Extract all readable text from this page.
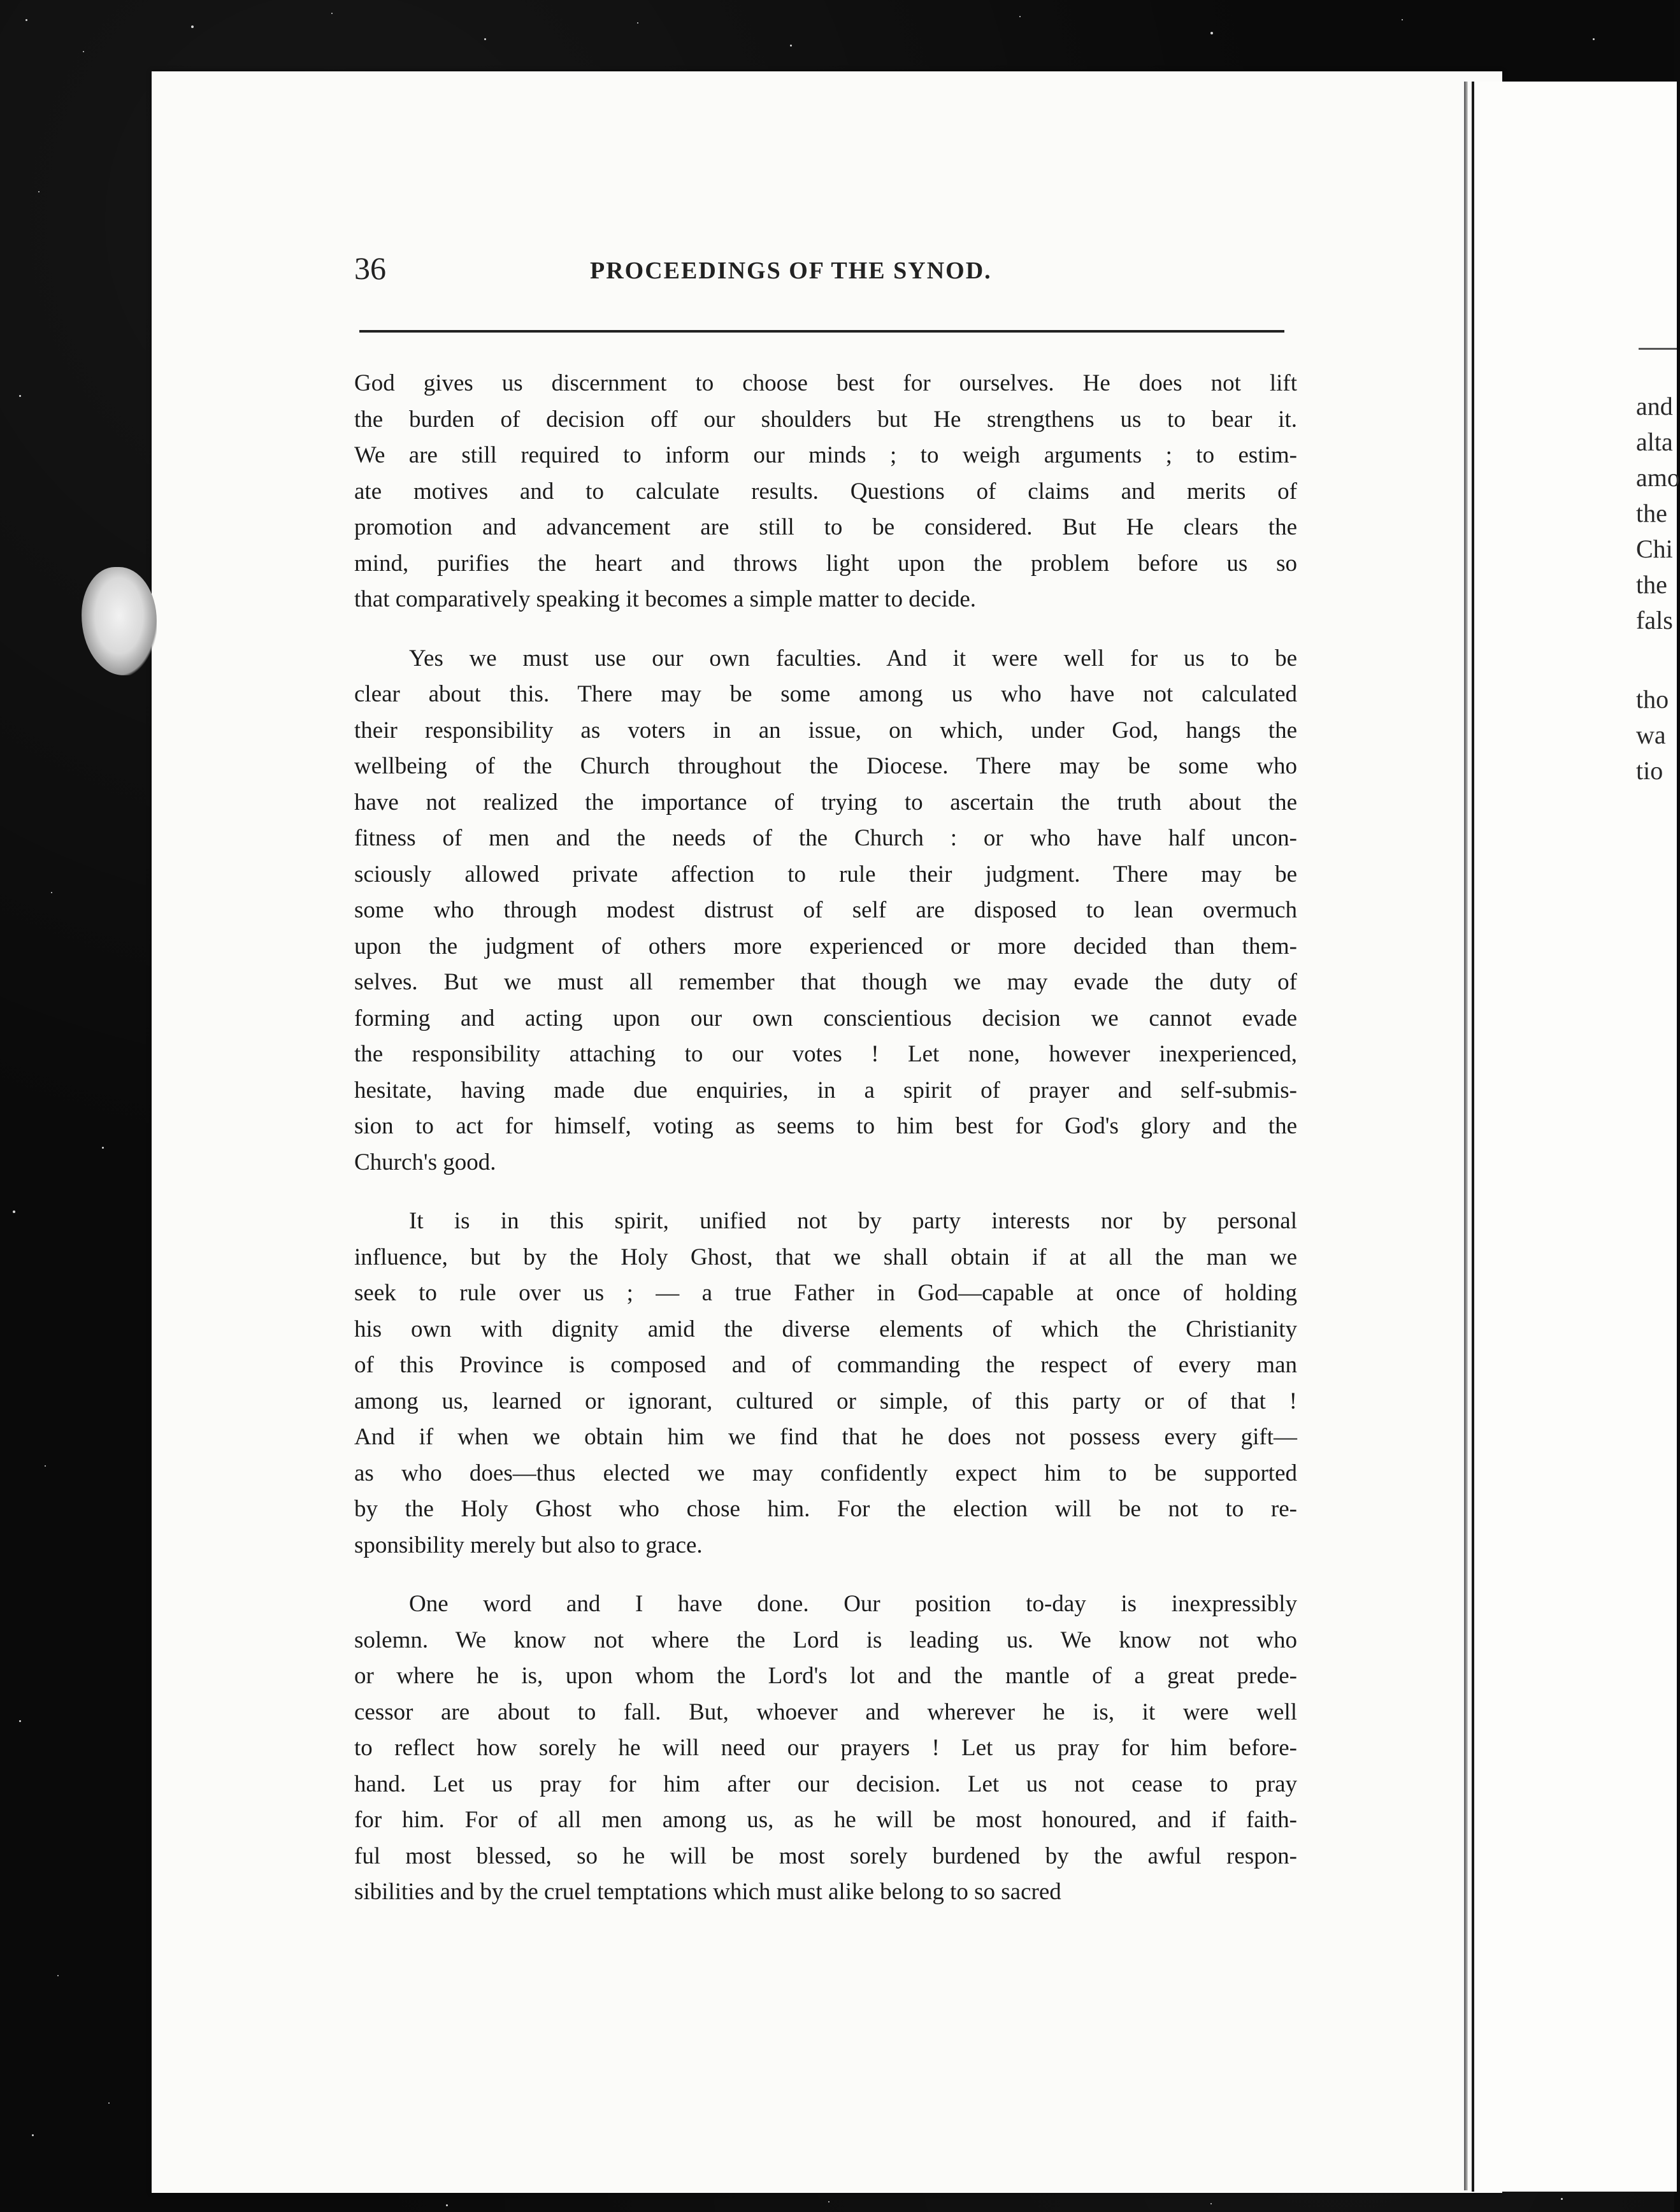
and
alta
amo
the
Chi
the
fals
tho
wa
tio
36	PROCEEDINGS OF THE SYNOD.
God gives us discernment to choose best for ourselves. He does not lift
the burden of decision off our shoulders but He strengthens us to bear it.
We are still required to inform our minds ; to weigh arguments ; to estim-
ate motives and to calculate results. Questions of claims and merits of
promotion and advancement are still to be considered. But He clears the
mind, purifies the heart and throws light upon the problem before us so
that comparatively speaking it becomes a simple matter to decide.
Yes we must use our own faculties. And it were well for us to be
clear about this. There may be some among us who have not calculated
their responsibility as voters in an issue, on which, under God, hangs the
wellbeing of the Church throughout the Diocese. There may be some who
have not realized the importance of trying to ascertain the truth about the
fitness of men and the needs of the Church : or who have half uncon-
sciously allowed private affection to rule their judgment. There may be
some who through modest distrust of self are disposed to lean overmuch
upon the judgment of others more experienced or more decided than them-
selves. But we must all remember that though we may evade the duty of
forming and acting upon our own conscientious decision we cannot evade
the responsibility attaching to our votes ! Let none, however inexperienced,
hesitate, having made due enquiries, in a spirit of prayer and self-submis-
sion to act for himself, voting as seems to him best for God's glory and the
Church's good.
It is in this spirit, unified not by party interests nor by personal
influence, but by the Holy Ghost, that we shall obtain if at all the man we
seek to rule over us ; — a true Father in God—capable at once of holding
his own with dignity amid the diverse elements of which the Christianity
of this Province is composed and of commanding the respect of every man
among us, learned or ignorant, cultured or simple, of this party or of that !
And if when we obtain him we find that he does not possess every gift—
as who does—thus elected we may confidently expect him to be supported
by the Holy Ghost who chose him. For the election will be not to re-
sponsibility merely but also to grace.
One word and I have done. Our position to-day is inexpressibly
solemn. We know not where the Lord is leading us. We know not who
or where he is, upon whom the Lord's lot and the mantle of a great prede-
cessor are about to fall. But, whoever and wherever he is, it were well
to reflect how sorely he will need our prayers ! Let us pray for him before-
hand. Let us pray for him after our decision. Let us not cease to pray
for him. For of all men among us, as he will be most honoured, and if faith-
ful most blessed, so he will be most sorely burdened by the awful respon-
sibilities and by the cruel temptations which must alike belong to so sacred
